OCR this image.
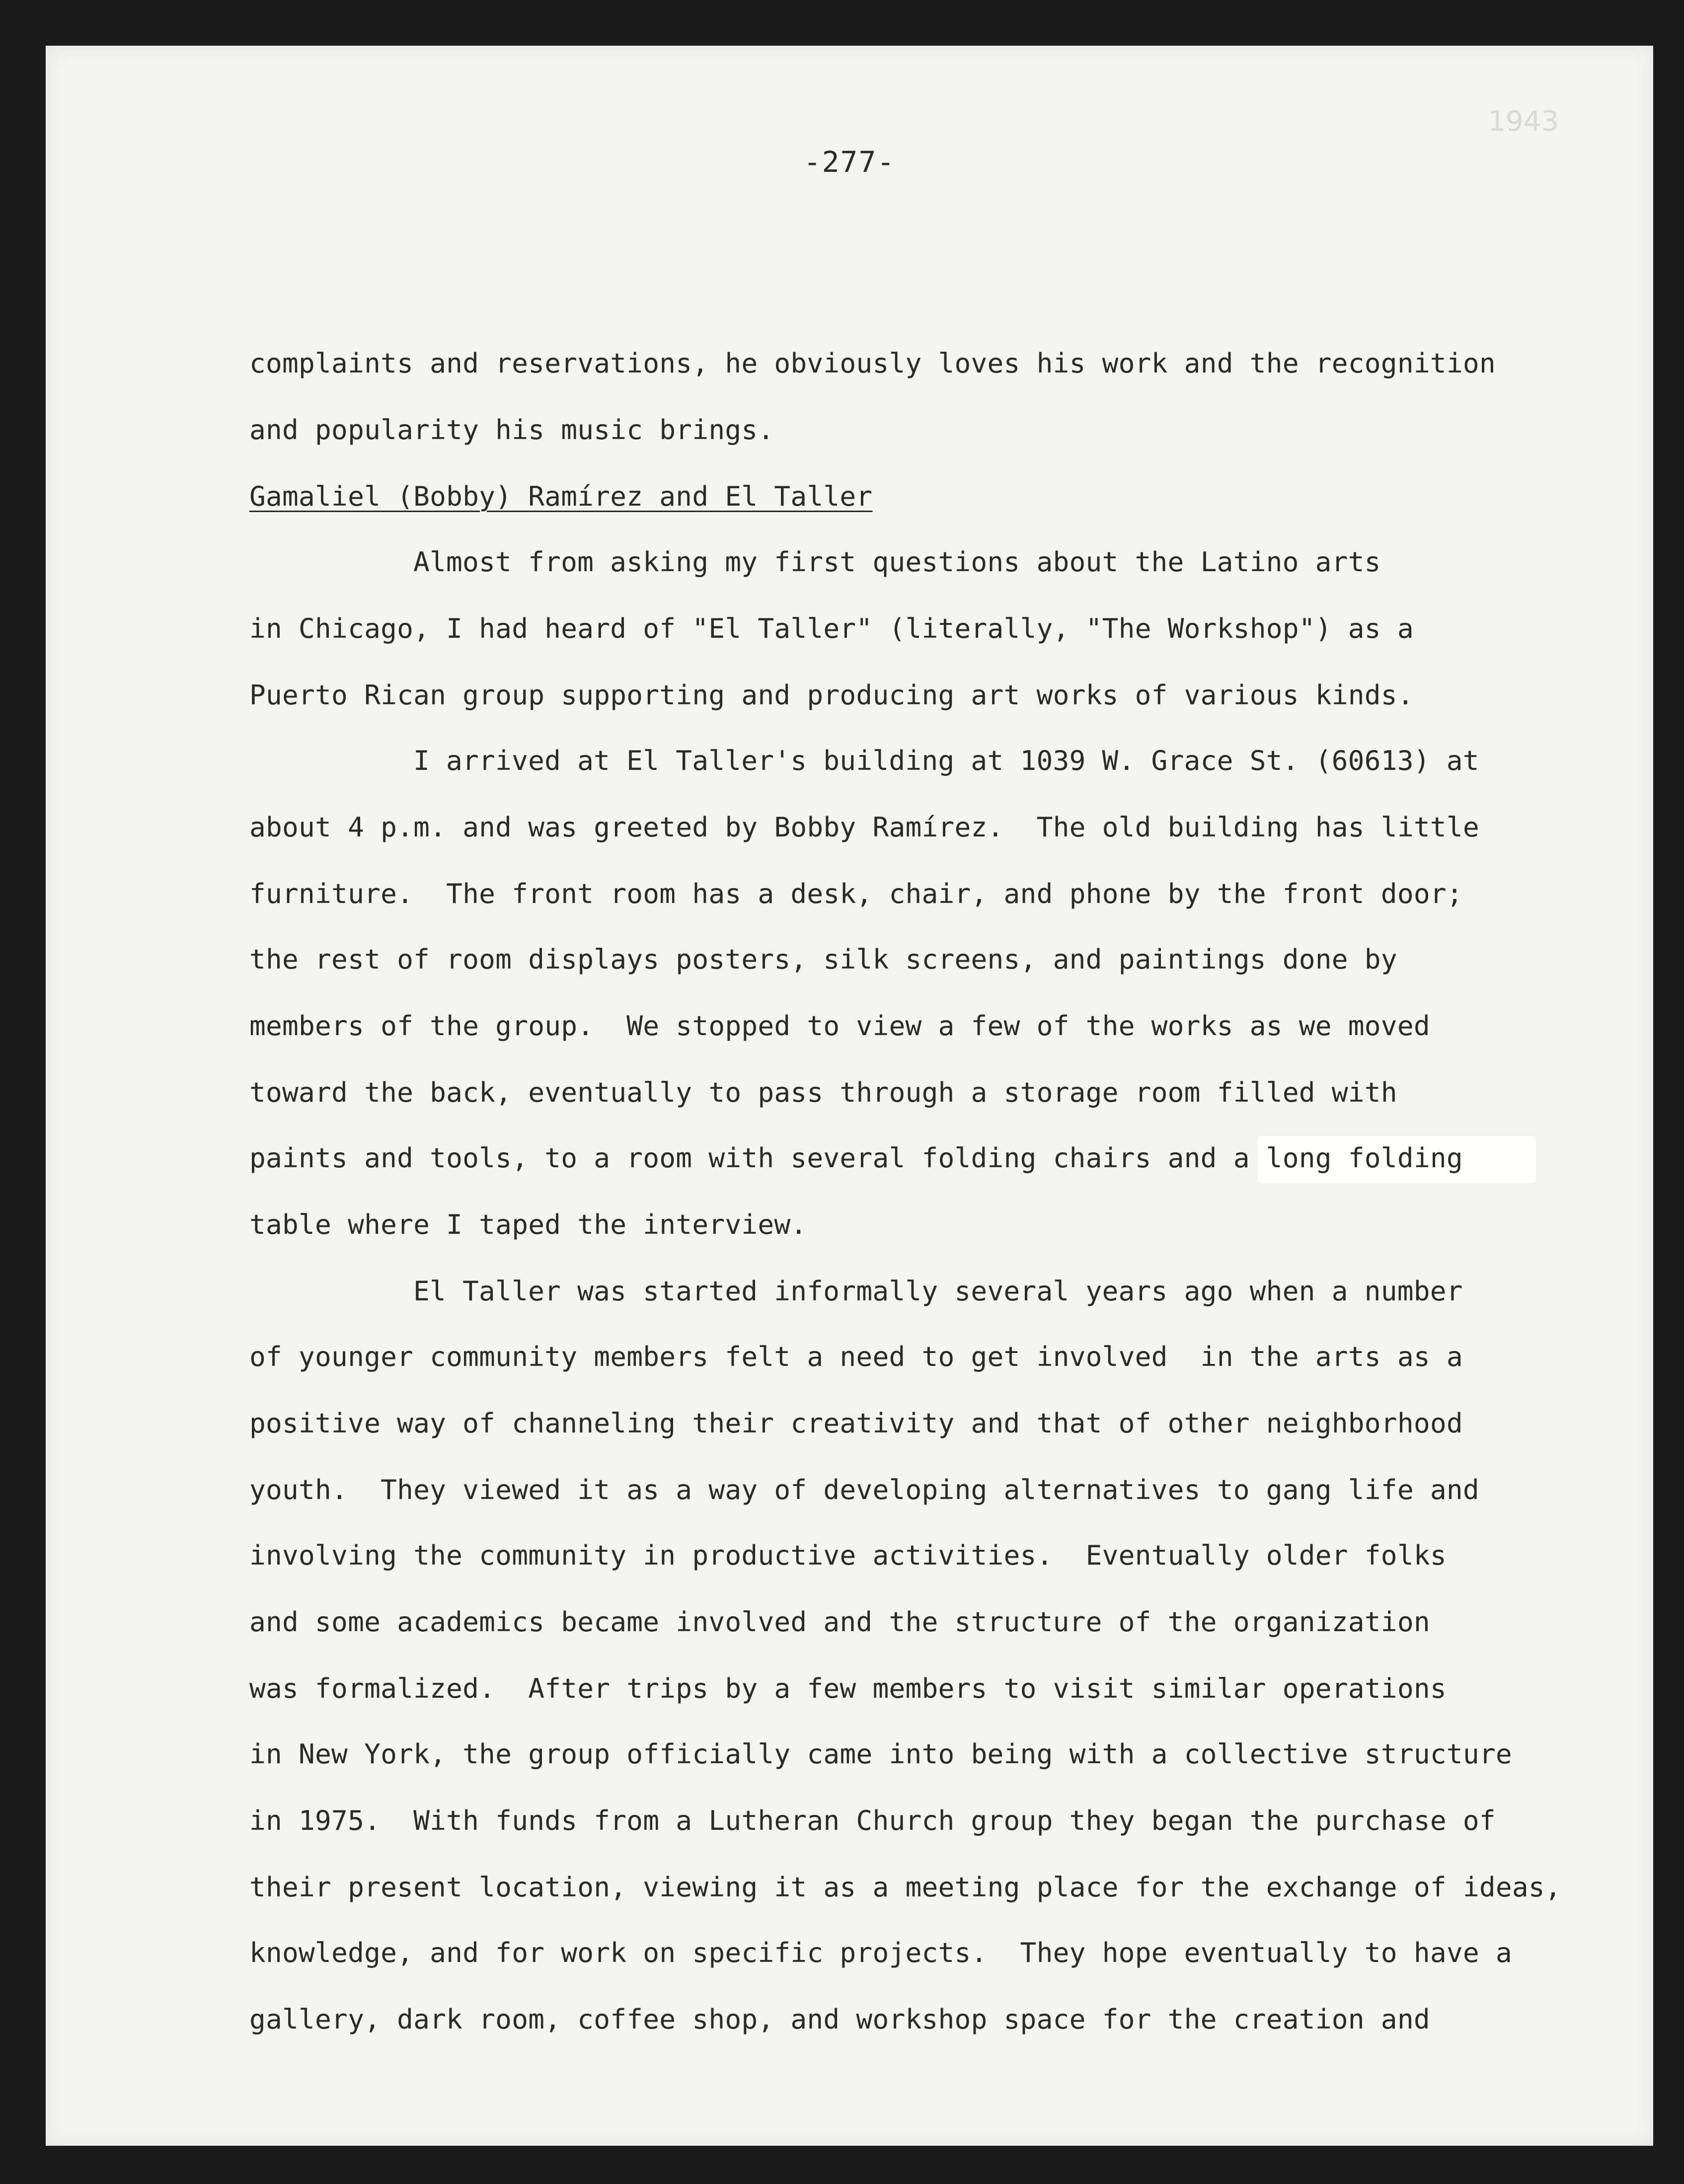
1943
-277-
complaints and reservations, he obviously loves his work and the recognition
and popularity his music brings.
Gamaliel (Bobby) Ramírez and El Taller
Almost from asking my first questions about the Latino arts
in Chicago, I had heard of "El Taller" (literally, "The Workshop") as a
Puerto Rican group supporting and producing art works of various kinds.
I arrived at El Taller's building at 1039 W. Grace St. (60613) at
about 4 p.m. and was greeted by Bobby Ramírez.  The old building has little
furniture.  The front room has a desk, chair, and phone by the front door;
the rest of room displays posters, silk screens, and paintings done by
members of the group.  We stopped to view a few of the works as we moved
toward the back, eventually to pass through a storage room filled with
paints and tools, to a room with several folding chairs and a long folding
table where I taped the interview.
El Taller was started informally several years ago when a number
of younger community members felt a need to get involved  in the arts as a
positive way of channeling their creativity and that of other neighborhood
youth.  They viewed it as a way of developing alternatives to gang life and
involving the community in productive activities.  Eventually older folks
and some academics became involved and the structure of the organization
was formalized.  After trips by a few members to visit similar operations
in New York, the group officially came into being with a collective structure
in 1975.  With funds from a Lutheran Church group they began the purchase of
their present location, viewing it as a meeting place for the exchange of ideas,
knowledge, and for work on specific projects.  They hope eventually to have a
gallery, dark room, coffee shop, and workshop space for the creation and
